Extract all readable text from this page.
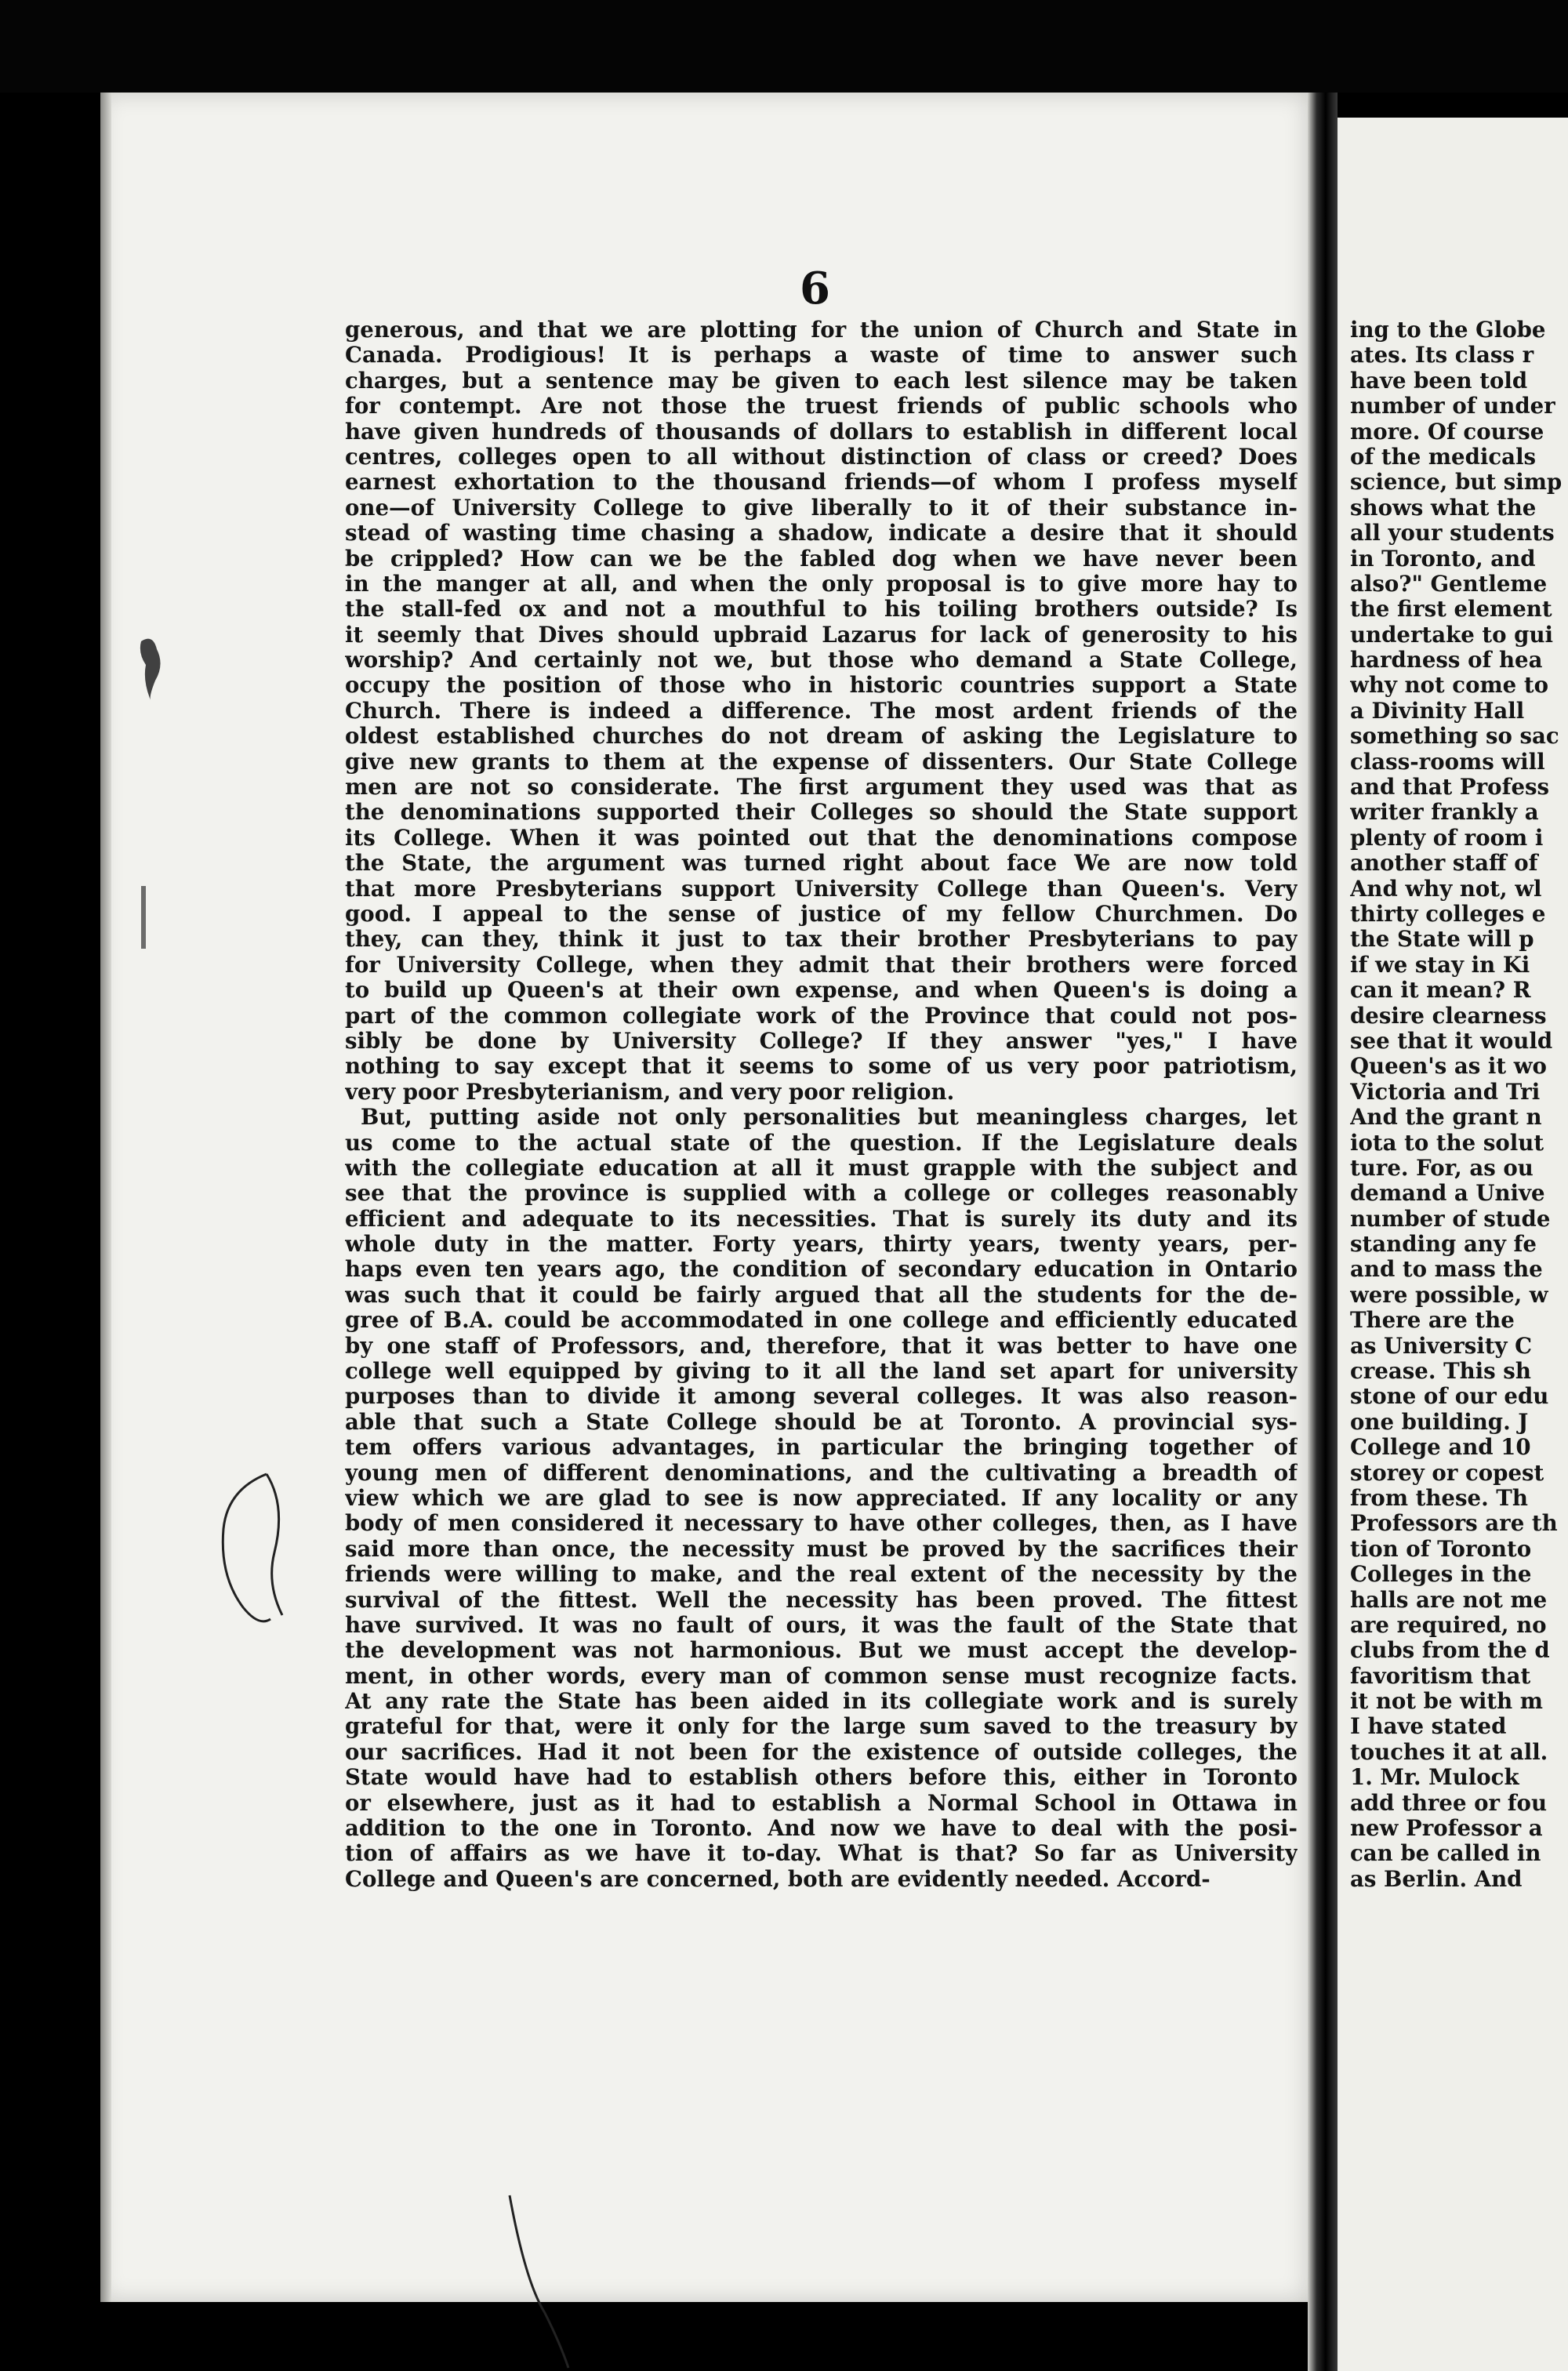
6
generous, and that we are plotting for the union of Church and State in
Canada. Prodigious! It is perhaps a waste of time to answer such
charges, but a sentence may be given to each lest silence may be taken
for contempt. Are not those the truest friends of public schools who
have given hundreds of thousands of dollars to establish in different local
centres, colleges open to all without distinction of class or creed? Does
earnest exhortation to the thousand friends—of whom I profess myself
one—of University College to give liberally to it of their substance in-
stead of wasting time chasing a shadow, indicate a desire that it should
be crippled? How can we be the fabled dog when we have never been
in the manger at all, and when the only proposal is to give more hay to
the stall-fed ox and not a mouthful to his toiling brothers outside? Is
it seemly that Dives should upbraid Lazarus for lack of generosity to his
worship? And certainly not we, but those who demand a State College,
occupy the position of those who in historic countries support a State
Church. There is indeed a difference. The most ardent friends of the
oldest established churches do not dream of asking the Legislature to
give new grants to them at the expense of dissenters. Our State College
men are not so considerate. The first argument they used was that as
the denominations supported their Colleges so should the State support
its College. When it was pointed out that the denominations compose
the State, the argument was turned right about face We are now told
that more Presbyterians support University College than Queen's. Very
good. I appeal to the sense of justice of my fellow Churchmen. Do
they, can they, think it just to tax their brother Presbyterians to pay
for University College, when they admit that their brothers were forced
to build up Queen's at their own expense, and when Queen's is doing a
part of the common collegiate work of the Province that could not pos-
sibly be done by University College? If they answer "yes," I have
nothing to say except that it seems to some of us very poor patriotism,
very poor Presbyterianism, and very poor religion.
But, putting aside not only personalities but meaningless charges, let
us come to the actual state of the question. If the Legislature deals
with the collegiate education at all it must grapple with the subject and
see that the province is supplied with a college or colleges reasonably
efficient and adequate to its necessities. That is surely its duty and its
whole duty in the matter. Forty years, thirty years, twenty years, per-
haps even ten years ago, the condition of secondary education in Ontario
was such that it could be fairly argued that all the students for the de-
gree of B.A. could be accommodated in one college and efficiently educated
by one staff of Professors, and, therefore, that it was better to have one
college well equipped by giving to it all the land set apart for university
purposes than to divide it among several colleges. It was also reason-
able that such a State College should be at Toronto. A provincial sys-
tem offers various advantages, in particular the bringing together of
young men of different denominations, and the cultivating a breadth of
view which we are glad to see is now appreciated. If any locality or any
body of men considered it necessary to have other colleges, then, as I have
said more than once, the necessity must be proved by the sacrifices their
friends were willing to make, and the real extent of the necessity by the
survival of the fittest. Well the necessity has been proved. The fittest
have survived. It was no fault of ours, it was the fault of the State that
the development was not harmonious. But we must accept the develop-
ment, in other words, every man of common sense must recognize facts.
At any rate the State has been aided in its collegiate work and is surely
grateful for that, were it only for the large sum saved to the treasury by
our sacrifices. Had it not been for the existence of outside colleges, the
State would have had to establish others before this, either in Toronto
or elsewhere, just as it had to establish a Normal School in Ottawa in
addition to the one in Toronto. And now we have to deal with the posi-
tion of affairs as we have it to-day. What is that? So far as University
College and Queen's are concerned, both are evidently needed. Accord-
ing to the Globe
ates. Its class r
have been told
number of under
more. Of course
of the medicals
science, but simp
shows what the
all your students
in Toronto, and
also?" Gentleme
the first element
undertake to gui
hardness of hea
why not come to
a Divinity Hall
something so sac
class-rooms will
and that Profess
writer frankly a
plenty of room i
another staff of
And why not, wl
thirty colleges e
the State will p
if we stay in Ki
can it mean? R
desire clearness
see that it would
Queen's as it wo
Victoria and Tri
And the grant n
iota to the solut
ture. For, as ou
demand a Unive
number of stude
standing any fe
and to mass the
were possible, w
There are the
as University C
crease. This sh
stone of our edu
one building. J
College and 10
storey or copest
from these. Th
Professors are th
tion of Toronto
Colleges in the
halls are not me
are required, no
clubs from the d
favoritism that
it not be with m
I have stated
touches it at all.
1. Mr. Mulock
add three or fou
new Professor a
can be called in
as Berlin. And
